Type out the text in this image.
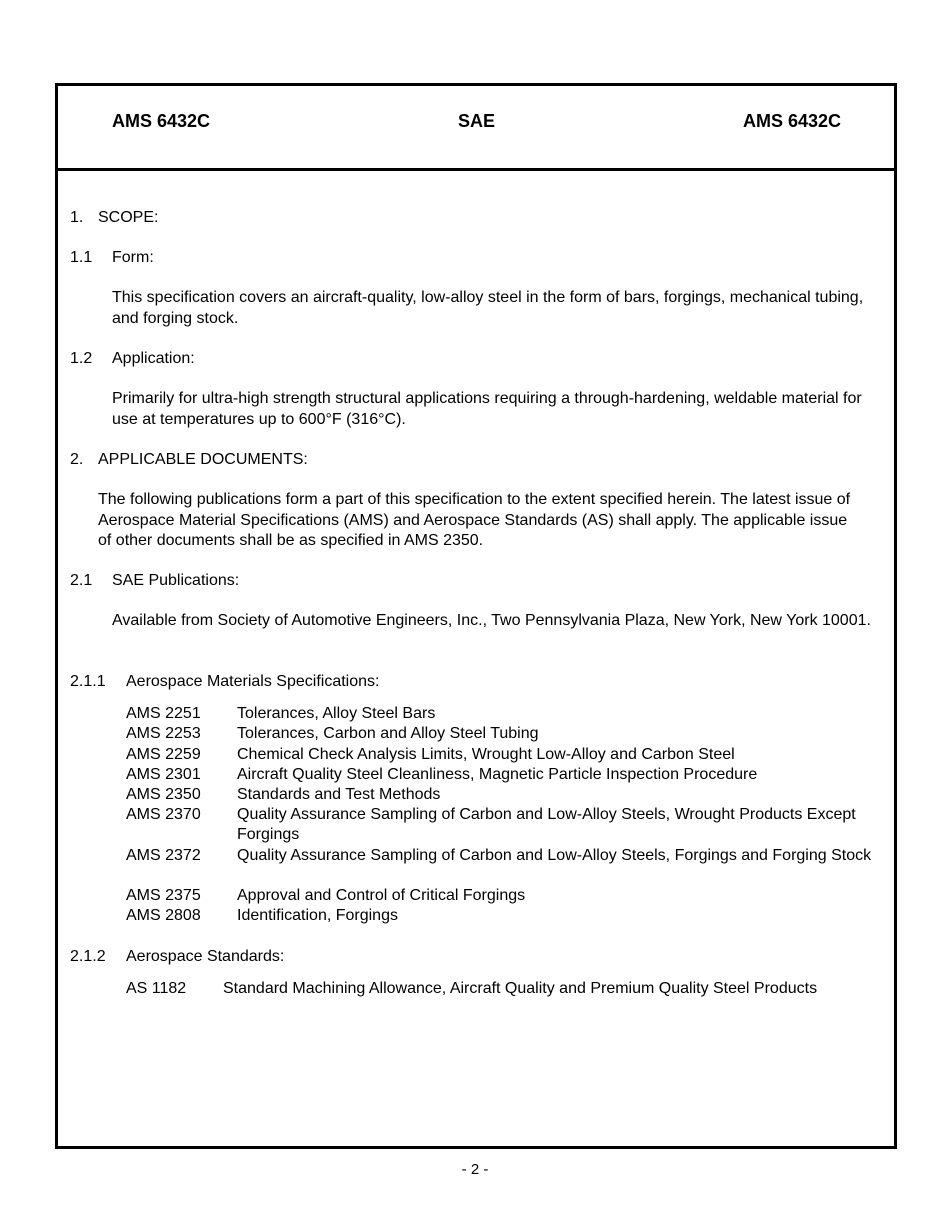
AMS 6432C	SAE	AMS 6432C
1. SCOPE:
1.1 Form:
This specification covers an aircraft-quality, low-alloy steel in the form of bars, forgings, mechanical tubing, and forging stock.
1.2 Application:
Primarily for ultra-high strength structural applications requiring a through-hardening, weldable material for use at temperatures up to 600°F (316°C).
2. APPLICABLE DOCUMENTS:
The following publications form a part of this specification to the extent specified herein. The latest issue of Aerospace Material Specifications (AMS) and Aerospace Standards (AS) shall apply. The applicable issue of other documents shall be as specified in AMS 2350.
2.1 SAE Publications:
Available from Society of Automotive Engineers, Inc., Two Pennsylvania Plaza, New York, New York 10001.
2.1.1 Aerospace Materials Specifications:
AMS 2251 Tolerances, Alloy Steel Bars
AMS 2253 Tolerances, Carbon and Alloy Steel Tubing
AMS 2259 Chemical Check Analysis Limits, Wrought Low-Alloy and Carbon Steel
AMS 2301 Aircraft Quality Steel Cleanliness, Magnetic Particle Inspection Procedure
AMS 2350 Standards and Test Methods
AMS 2370 Quality Assurance Sampling of Carbon and Low-Alloy Steels, Wrought Products Except Forgings
AMS 2372 Quality Assurance Sampling of Carbon and Low-Alloy Steels, Forgings and Forging Stock
AMS 2375 Approval and Control of Critical Forgings
AMS 2808 Identification, Forgings
2.1.2 Aerospace Standards:
AS 1182 Standard Machining Allowance, Aircraft Quality and Premium Quality Steel Products
- 2 -
